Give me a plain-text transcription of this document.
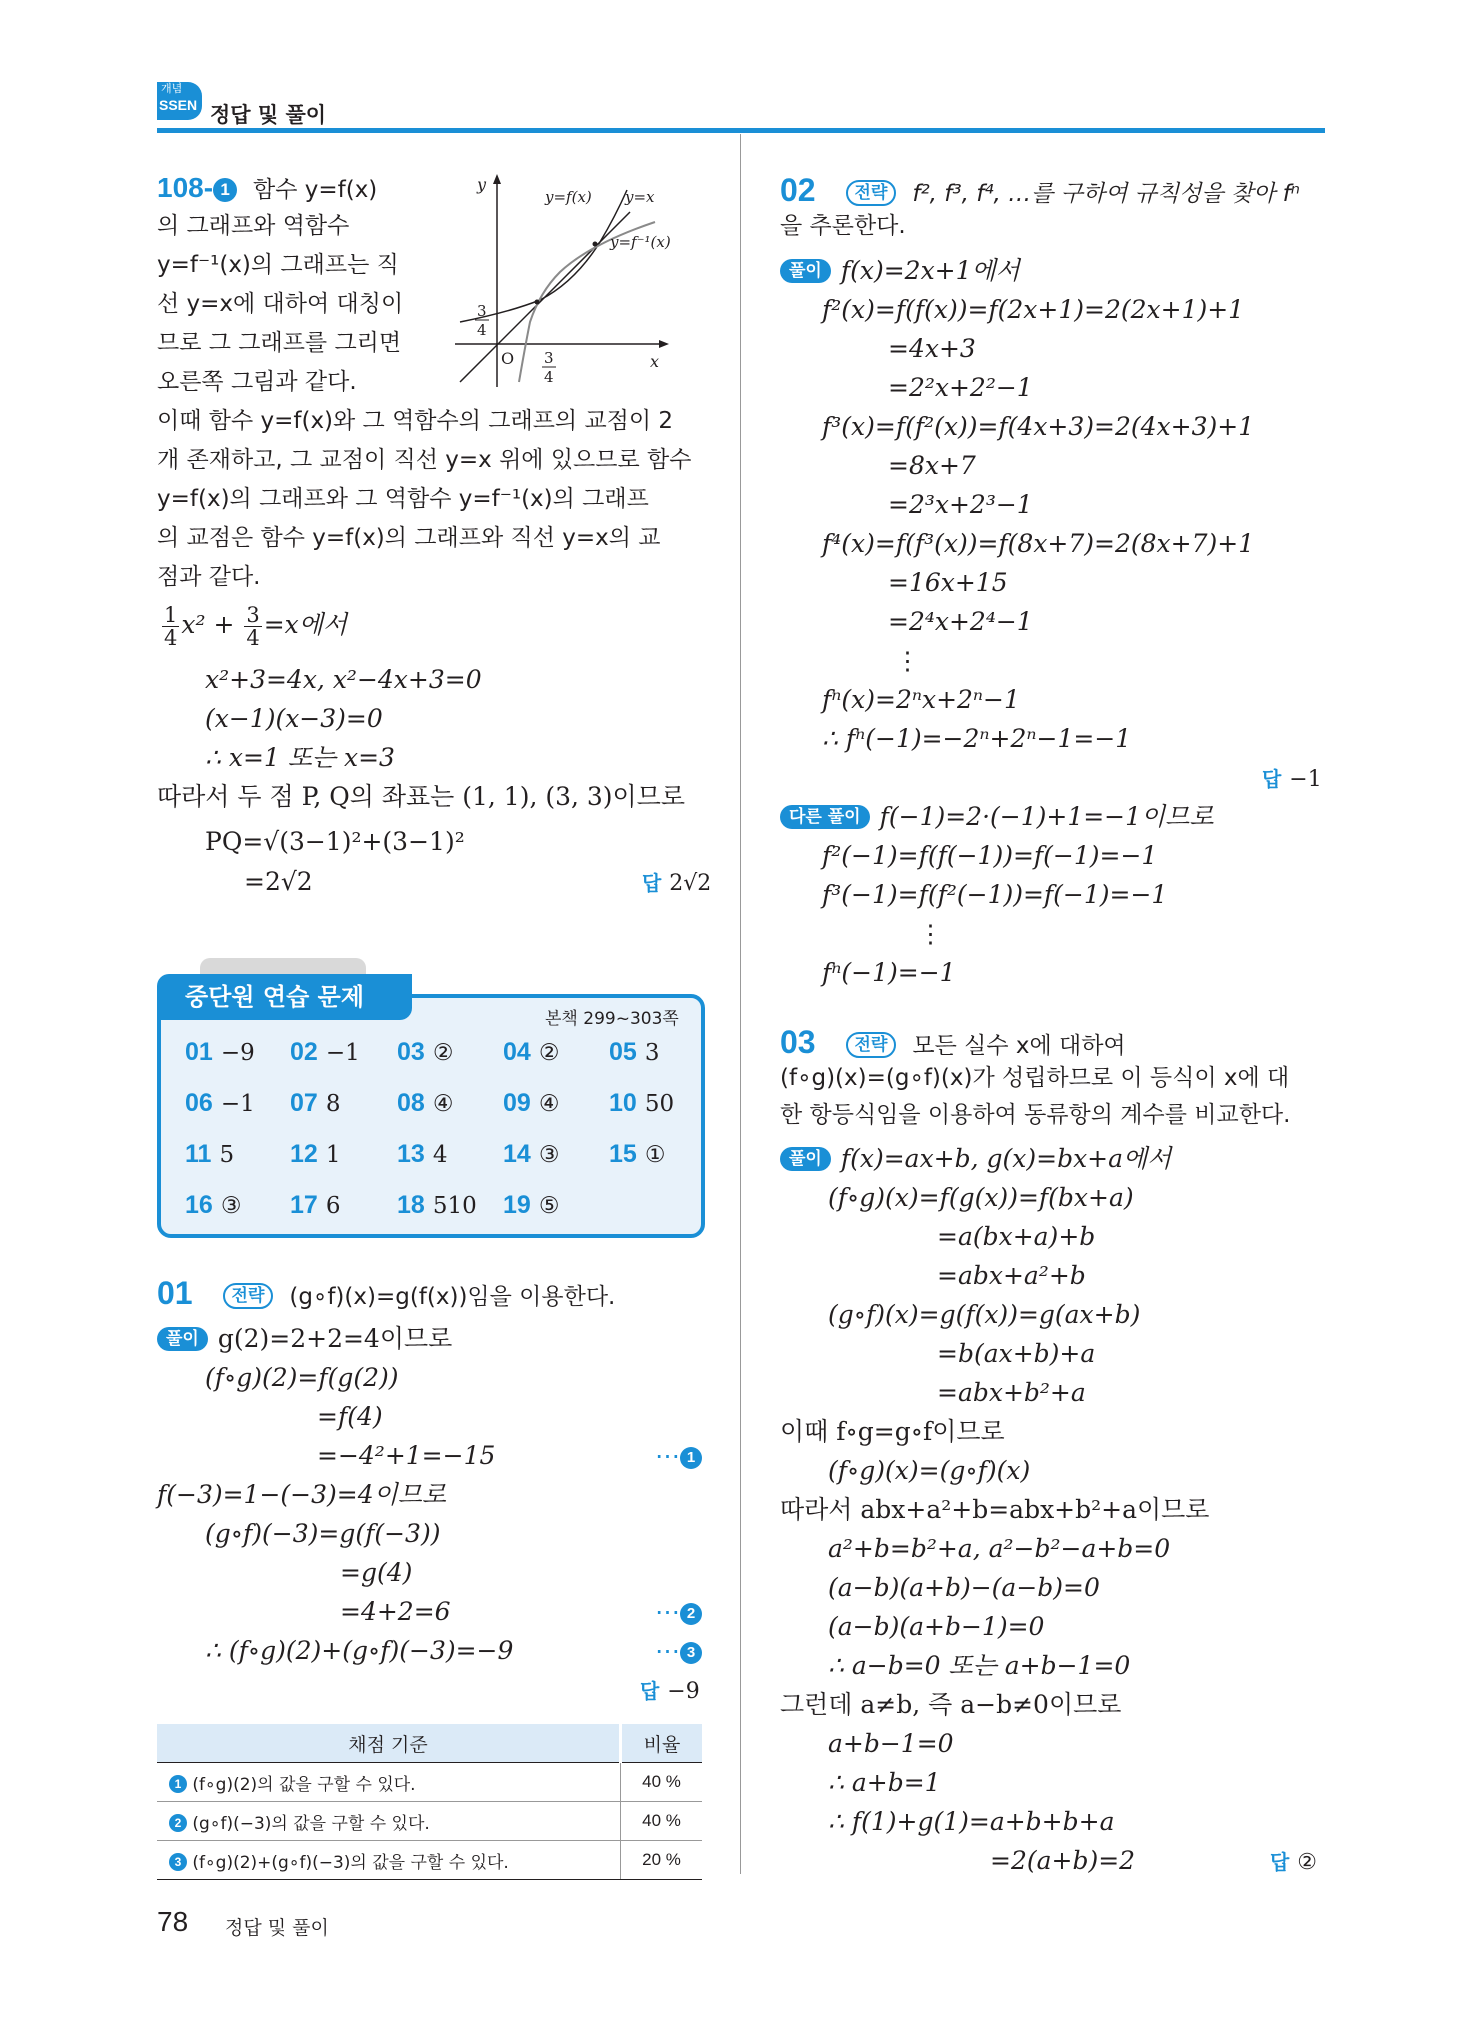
개념
SSEN 정답 및 풀이
108- 1 함수 y=f(x)
의 그래프와 역함수
y=f⁻¹(x)의 그래프는 직
선 y=x에 대하여 대칭이
므로 그 그래프를 그리면
오른쪽 그림과 같다.
y
x
O
y=f(x) y=x
y=f⁻¹(x)
3
4
3
4
이때 함수 y=f(x)와 그 역함수의 그래프의 교점이 2
개 존재하고, 그 교점이 직선 y=x 위에 있으므로 함수
y=f(x)의 그래프와 그 역함수 y=f⁻¹(x)의 그래프
의 교점은 함수 y=f(x)의 그래프와 직선 y=x의 교
점과 같다.
$\frac{1}{4} x^2 + \frac{3}{4} =x$에서
x²+3=4x, x²−4x+3=0
(x−1)(x−3)=0
∴ x=1 또는 x=3
따라서 두 점 P, Q의 좌표는 (1, 1), (3, 3)이므로
PQ=√(3−1)²+(3−1)²
=2√2	답 2√2
중단원 연습 문제
본책 299~303쪽
01 −9 02 −1 03 ② 04 ② 05 3
06 −1 07 8 08 ④ 09 ④ 10 50
11 5 12 1 13 4 14 ③ 15 ①
16 ③ 17 6 18 510 19 ⑤
01 전략 (g∘f)(x)=g(f(x))임을 이용한다.
풀이 g(2)=2+2=4이므로
(f∘g)(2)=f(g(2))
=f(4)
=−4²+1=−15	⋯ 1
f(−3)=1−(−3)=4이므로
(g∘f)(−3)=g(f(−3))
=g(4)
=4+2=6	⋯ 2
∴ (f∘g)(2)+(g∘f)(−3)=−9	⋯ 3
답 −9
채점 기준	비율
1 (f∘g)(2)의 값을 구할 수 있다.	40 %
2 (g∘f)(−3)의 값을 구할 수 있다.	40 %
3 (f∘g)(2)+(g∘f)(−3)의 값을 구할 수 있다.	20 %
02 전략 f², f³, f⁴, …를 구하여 규칙성을 찾아 fⁿ
을 추론한다.
풀이 f(x)=2x+1에서
f²(x)=f(f(x))=f(2x+1)=2(2x+1)+1
=4x+3
=2²x+2²−1
f³(x)=f(f²(x))=f(4x+3)=2(4x+3)+1
=8x+7
=2³x+2³−1
f⁴(x)=f(f³(x))=f(8x+7)=2(8x+7)+1
=16x+15
=2⁴x+2⁴−1
⋮
fⁿ(x)=2ⁿx+2ⁿ−1
∴ fⁿ(−1)=−2ⁿ+2ⁿ−1=−1
답 −1
다른 풀이 f(−1)=2·(−1)+1=−1이므로
f²(−1)=f(f(−1))=f(−1)=−1
f³(−1)=f(f²(−1))=f(−1)=−1
⋮
fⁿ(−1)=−1
03 전략 모든 실수 x에 대하여
(f∘g)(x)=(g∘f)(x)가 성립하므로 이 등식이 x에 대
한 항등식임을 이용하여 동류항의 계수를 비교한다.
풀이 f(x)=ax+b, g(x)=bx+a에서
(f∘g)(x)=f(g(x))=f(bx+a)
=a(bx+a)+b
=abx+a²+b
(g∘f)(x)=g(f(x))=g(ax+b)
=b(ax+b)+a
=abx+b²+a
이때 f∘g=g∘f이므로
(f∘g)(x)=(g∘f)(x)
따라서 abx+a²+b=abx+b²+a이므로
a²+b=b²+a, a²−b²−a+b=0
(a−b)(a+b)−(a−b)=0
(a−b)(a+b−1)=0
∴ a−b=0 또는 a+b−1=0
그런데 a≠b, 즉 a−b≠0이므로
a+b−1=0
∴ a+b=1
∴ f(1)+g(1)=a+b+b+a
=2(a+b)=2	답 ②
78 정답 및 풀이
